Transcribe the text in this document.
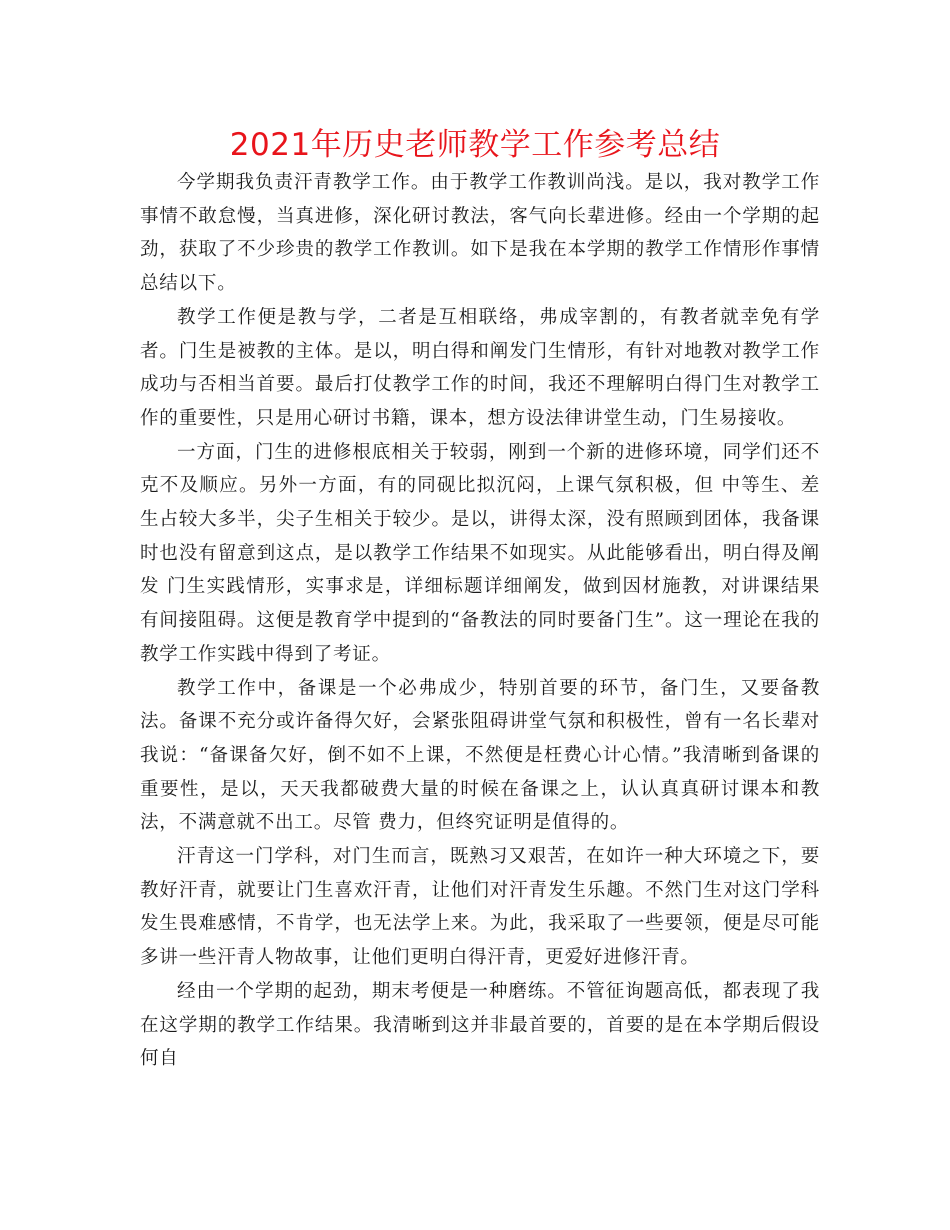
2021年历史老师教学工作参考总结

今学期我负责汗青教学工作。由于教学工作教训尚浅。是以，我对教学工作事情不敢怠慢，当真进修，深化研讨教法，客气向长辈进修。经由一个学期的起劲，获取了不少珍贵的教学工作教训。如下是我在本学期的教学工作情形作事情总结以下。

教学工作便是教与学，二者是互相联络，弗成宰割的，有教者就幸免有学者。门生是被教的主体。是以，明白得和阐发门生情形，有针对地教对教学工作成功与否相当首要。最后打仗教学工作的时间，我还不理解明白得门生对教学工作的重要性，只是用心研讨书籍，课本，想方设法律讲堂生动，门生易接收。

一方面，门生的进修根底相关于较弱，刚到一个新的进修环境，同学们还不克不及顺应。另外一方面，有的同砚比拟沉闷，上课气氛积极，但 中等生、差生占较大多半，尖子生相关于较少。是以，讲得太深，没有照顾到团体，我备课时也没有留意到这点，是以教学工作结果不如现实。从此能够看出，明白得及阐发 门生实践情形，实事求是，详细标题详细阐发，做到因材施教，对讲课结果有间接阻碍。这便是教育学中提到的“备教法的同时要备门生”。这一理论在我的教学工作实践中得到了考证。

教学工作中，备课是一个必弗成少，特别首要的环节，备门生，又要备教法。备课不充分或许备得欠好，会紧张阻碍讲堂气氛和积极性，曾有一名长辈对我说：“备课备欠好，倒不如不上课，不然便是枉费心计心情。”我清晰到备课的重要性，是以，天天我都破费大量的时候在备课之上，认认真真研讨课本和教法，不满意就不出工。尽管 费力，但终究证明是值得的。

汗青这一门学科，对门生而言，既熟习又艰苦，在如许一种大环境之下，要教好汗青，就要让门生喜欢汗青，让他们对汗青发生乐趣。不然门生对这门学科发生畏难感情，不肯学，也无法学上来。为此，我采取了一些要领，便是尽可能多讲一些汗青人物故事，让他们更明白得汗青，更爱好进修汗青。

经由一个学期的起劲，期末考便是一种磨练。不管征询题高低，都表现了我在这学期的教学工作结果。我清晰到这并非最首要的，首要的是在本学期后假设何自
